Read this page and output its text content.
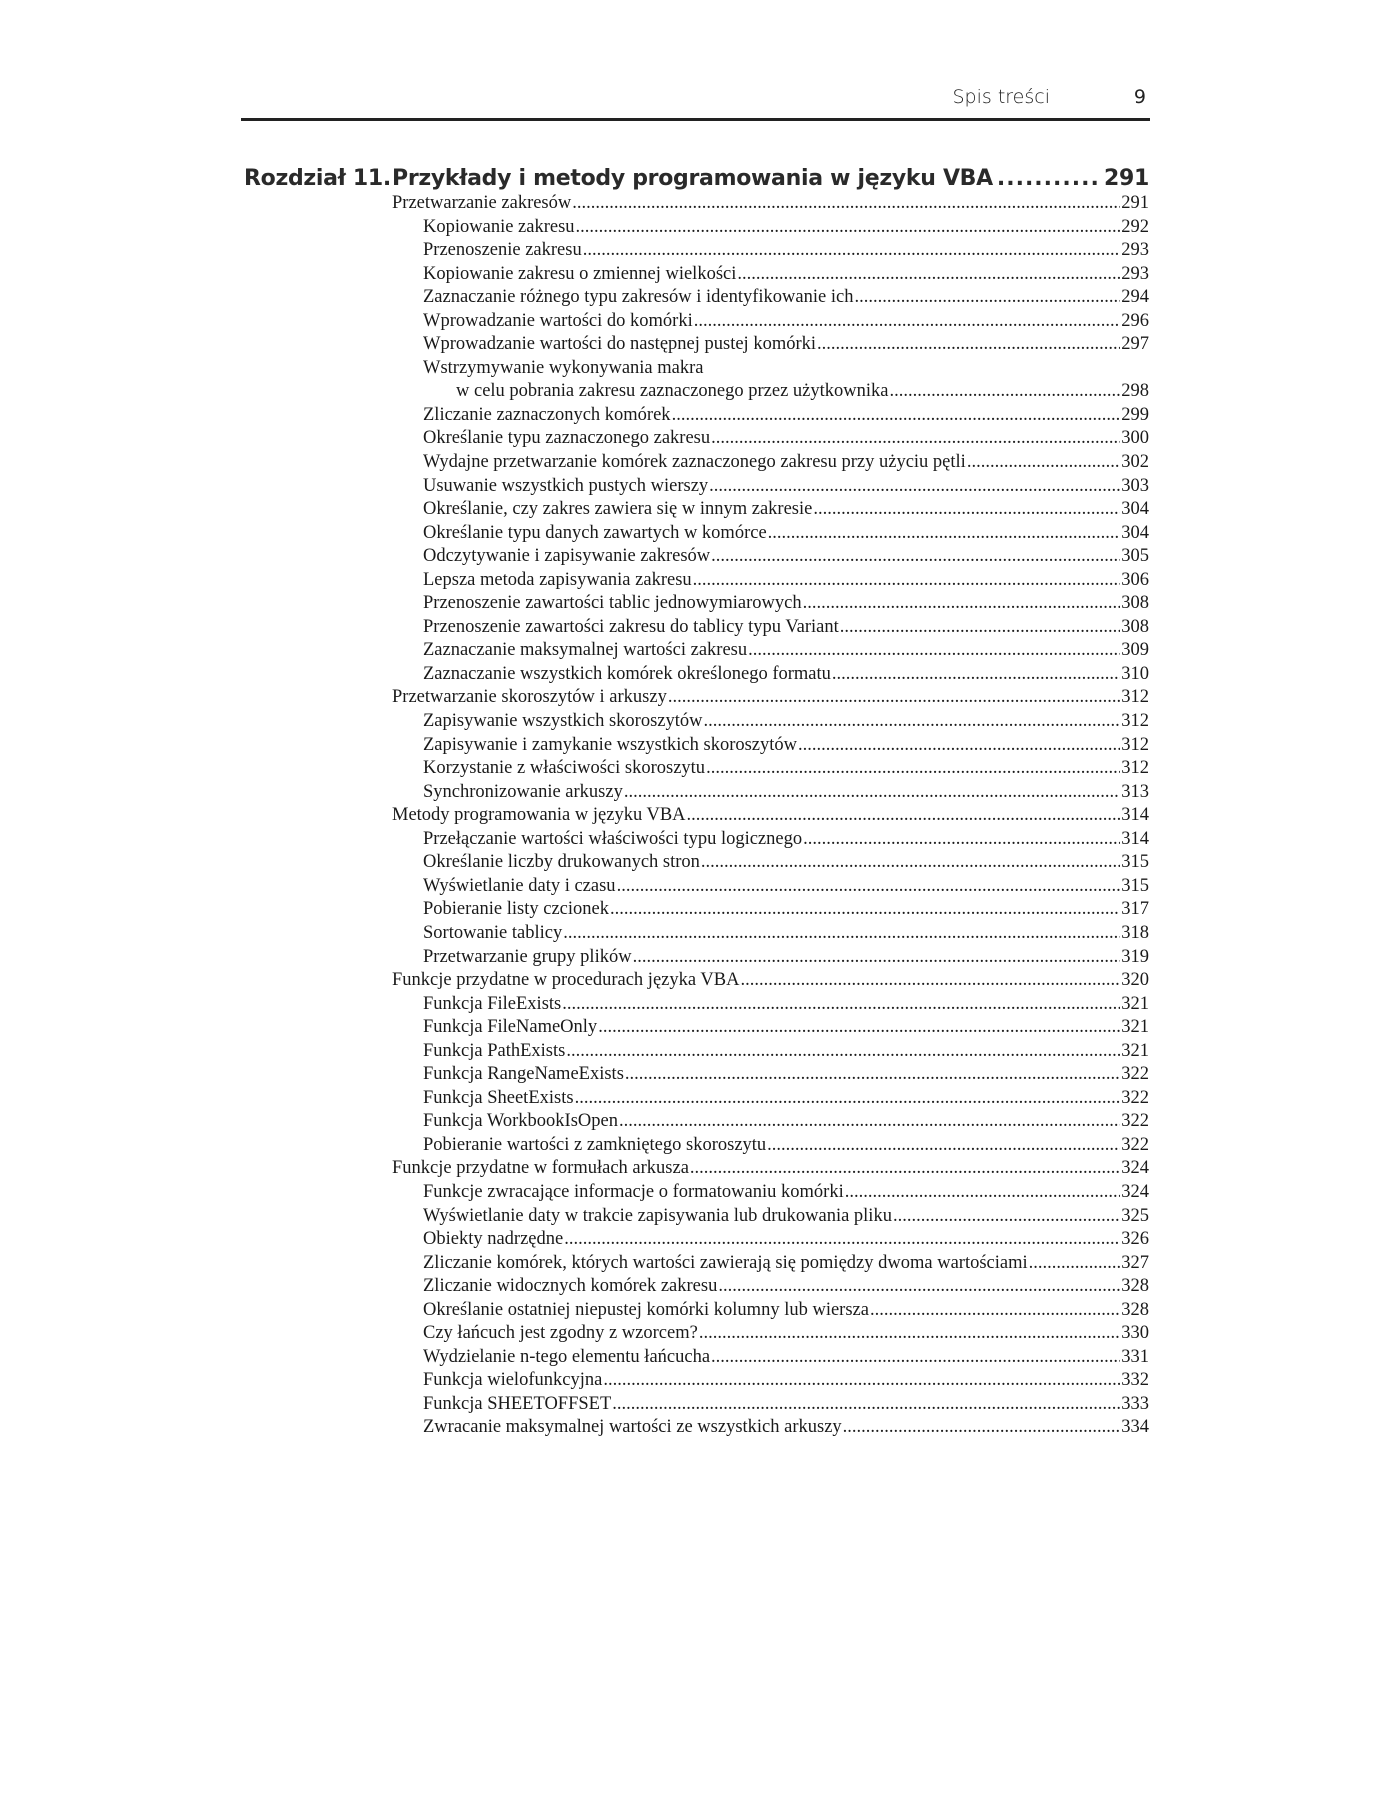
Spis treści	9
Rozdział 11. Przykłady i metody programowania w języku VBA .....	291
Przetwarzanie zakresów .....	291
Kopiowanie zakresu .....	292
Przenoszenie zakresu .....	293
Kopiowanie zakresu o zmiennej wielkości .....	293
Zaznaczanie różnego typu zakresów i identyfikowanie ich .....	294
Wprowadzanie wartości do komórki .....	296
Wprowadzanie wartości do następnej pustej komórki .....	297
Wstrzymywanie wykonywania makra
w celu pobrania zakresu zaznaczonego przez użytkownika .....	298
Zliczanie zaznaczonych komórek .....	299
Określanie typu zaznaczonego zakresu .....	300
Wydajne przetwarzanie komórek zaznaczonego zakresu przy użyciu pętli .....	302
Usuwanie wszystkich pustych wierszy .....	303
Określanie, czy zakres zawiera się w innym zakresie .....	304
Określanie typu danych zawartych w komórce .....	304
Odczytywanie i zapisywanie zakresów .....	305
Lepsza metoda zapisywania zakresu .....	306
Przenoszenie zawartości tablic jednowymiarowych .....	308
Przenoszenie zawartości zakresu do tablicy typu Variant .....	308
Zaznaczanie maksymalnej wartości zakresu .....	309
Zaznaczanie wszystkich komórek określonego formatu .....	310
Przetwarzanie skoroszytów i arkuszy .....	312
Zapisywanie wszystkich skoroszytów .....	312
Zapisywanie i zamykanie wszystkich skoroszytów .....	312
Korzystanie z właściwości skoroszytu .....	312
Synchronizowanie arkuszy .....	313
Metody programowania w języku VBA .....	314
Przełączanie wartości właściwości typu logicznego .....	314
Określanie liczby drukowanych stron .....	315
Wyświetlanie daty i czasu .....	315
Pobieranie listy czcionek .....	317
Sortowanie tablicy .....	318
Przetwarzanie grupy plików .....	319
Funkcje przydatne w procedurach języka VBA .....	320
Funkcja FileExists .....	321
Funkcja FileNameOnly .....	321
Funkcja PathExists .....	321
Funkcja RangeNameExists .....	322
Funkcja SheetExists .....	322
Funkcja WorkbookIsOpen .....	322
Pobieranie wartości z zamkniętego skoroszytu .....	322
Funkcje przydatne w formułach arkusza .....	324
Funkcje zwracające informacje o formatowaniu komórki .....	324
Wyświetlanie daty w trakcie zapisywania lub drukowania pliku .....	325
Obiekty nadrzędne .....	326
Zliczanie komórek, których wartości zawierają się pomiędzy dwoma wartościami .....	327
Zliczanie widocznych komórek zakresu .....	328
Określanie ostatniej niepustej komórki kolumny lub wiersza .....	328
Czy łańcuch jest zgodny z wzorcem? .....	330
Wydzielanie n-tego elementu łańcucha .....	331
Funkcja wielofunkcyjna .....	332
Funkcja SHEETOFFSET .....	333
Zwracanie maksymalnej wartości ze wszystkich arkuszy .....	334
